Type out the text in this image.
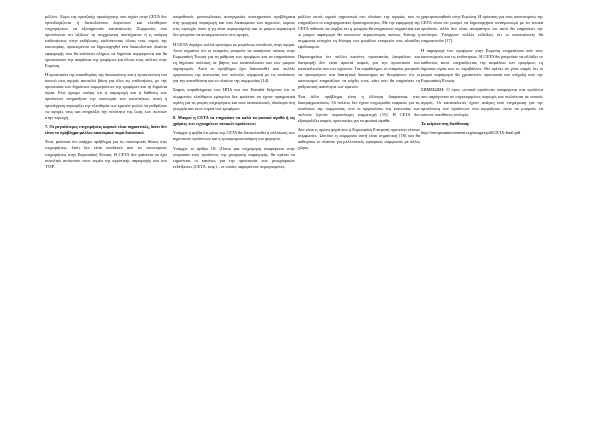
μέλλον. Λόγω της ορατζικής προσέγγισης που ισχύει στην CETA δεν προσδιορίζεται ή δευκολύνεται διερεύνων και ελεύθεριον επιχειρήσεων να εξυπηρετούν καταναλωτές. Συμφωνίες που προτείνεται ότι αξίζουν τη συγχρόνιση συστήματος ή η ανάγκη επιδοτήσεως στην εκδήλωση, καλύπτοντας όλους τους τομείς της οικονομίας, προκειμένου να δημιουργηθεί ένα δικαιοδοτικό πλαίσιο εφαρμογής που θα καλύπτει πλήρως τα δημόσια συμφέροντα και θα προστατεύει την ασφάλεια της τροφίμων για όλους τους πολίτες στην Ευρώπη.

Η προστασία της ευαισθησίας της δικαιοσύνης και η εμπιστοσύνη του κοινού στις αγορές αποτελεί βάση για όλες τις επιδοτήσεις, με την προστασία των δημόσιων συμφερόντων της τροφίμων και τη δημόσια υγεία. Ενώ έχουμε υπόψη ότι η παραγωγή και η διάθεση των προϊόντων επηρεάζουν την οικονομία των κοινοτήτων, αυτή η προσέγγιση περιορίζει την ελευθερία των κρατών μελών να ρυθμίζουν τις αγορές τους και επηρεάζει την ποιότητα της ζωής των πολιτών στην περιοχή.

7. Οι μεγαλύτερες επιχειρήσεις καρπού είναι σημαντικές, διότι δεν είναι το πρόβλημα μόλλον οικονομικό παρά δικαστικό

Έτσι, φαίνεται ότι υπάρχει πρόβλημα για τις οικονομικές θέσεις στις επιχειρήσεις, διότι δεν είναι αποδεκτό από τις οικονομικές επιχειρήσεις στην Ευρωπαϊκή Ένωση. Η CETA δεν φαίνεται να έχει συνολικό αντίκτυπο στον τομέα της αγροτικής παραγωγής και στο ΤΤΙΡ.

υπερεθνικές μονοπωλιακές συνεργασίες συστηματικά προβλήματα στη γεωργική παραγωγή και στα δικαιώματα των αγροτών, κυρίως στις περιοχές όπου η γη είναι περιορισμένη και οι μικροί παραγωγοί δεν μπορούν να ανταγωνιστούν στις αγορές.

Η CETA παρέχει πολλά προνόμια σε μεγάλους επενδυτές στην αγορά. Αυτό σημαίνει ότι οι εταιρείες μπορούν να ασκήσουν πιέσεις στην Ευρωπαϊκή Ένωση για τη ρύθμιση των τροφίμων και να επηρεάσουν τη δημόσια πολιτική σε βάρος των καταναλωτών και των μικρών παραγωγών. Αυτό το πρόβλημα έχει διατυπωθεί από πολλές οργανώσεις της κοινωνίας των πολιτών, σύμφωνα με τις αναλύσεις για την κατεύθυνση και το πλαίσιο της συμφωνίας [14].

Σαφείς παραδείγματα των ΗΠΑ και του Καναδά δείχνουν ότι οι συμφωνίες ελεύθερου εμπορίου δεν φαίνεται να έχουν πραγματικά οφέλη για τις μικρές επιχειρήσεις και τους καταναλωτές, ιδιαίτερα στη γεωργία και στον τομέα των τροφίμων.

8. Μπορεί η CETA να επηρεάσει τα καλά τα φυσικά αγαθά ή τις χρήσεις των εγγυημένων τοπικών προϊόντων;

Υπάρχει η φοβία ότι μέσω της CETA θα διευκολυνθεί η αλλοίωση των αγροτικών προϊόντων και η εμπορευματοποίηση του φαγητού.

Υπάρχει το άρθρο 18: «Όπου μια επιχείρηση αναφέρεται στην ονομασία ενός προϊόντος της γεωργικής παραγωγής, θα πρέπει να τηρούνται οι κανόνες για την προστασία των γεωγραφικών ενδείξεων» (CETA, κεφ.) – οι οποίες παραμένουν περιορισμένες.

μάλλον εκτός αγρού σημαντικά στο πλαίσιο της αγοράς, και το επηρεάζουν οι επιχειρηματικές δραστηριότητες. Με την εφαρμογή της CETA πιθανώς να συμβεί ότι η γεωργία θα επηρεαστεί σημαντικά και οι μικροί παραγωγοί θα υποστούν περισσότερες πιέσεις. Επίσης η συμφωνία ενισχύει τη δύναμη των μεγάλων εταιρειών στις αλυσίδες εφοδιασμού.

Παρατηρείται ότι πολλοί κανόνες προστασίας (ασφάλεια και διατροφή) δεν είναι αρκετά σαφείς για την προστασία των καταναλωτών και των αγροτών. Για παράδειγμα, οι εταιρείες μπορούν να προσφύγουν στα διαιτητικά δικαστήρια αν θεωρήσουν ότι οι κανονισμοί επηρεάζουν τα κέρδη τους, κάτι που θα επηρεάσει τη ρυθμιστική ικανότητα των κρατών.

Ένα άλλο πρόβλημα είναι η έλλειψη διαφάνειας στις διαπραγματεύσεις. Οι πολίτες δεν έχουν ενημερωθεί επαρκώς για τις συνέπειες της συμφωνίας, ενώ οι οργανώσεις της κοινωνίας των πολιτών ζητούν περισσότερη συμμετοχή [15]. Η CETA δεν εξασφαλίζει σαφείς προστασίες για τα φυσικά αγαθά.

Δεν είναι η πρώτη φορά που η Ευρωπαϊκή Επιτροπή προτείνει τέτοιες συμφωνίες. Ωστόσο η συμφωνία αυτή είναι σημαντική [16] και θα καθορίσει το πλαίσιο για μελλοντικές εμπορικές συμφωνίες με άλλες χώρες.

χρησιμοποιηθούν στην Ευρώπη. Η πρόταση για τους κανονισμούς της CETA είναι ότι μπορεί να δημιουργήσει ανταγωνισμό με τα τοπικά προϊόντα, αλλά δεν είναι απαραίτητο ότι αυτό θα επηρεάσει την ποιότητα. Υπάρχουν πολλές ενδείξεις ότι οι καταναλωτές θα επηρεαστούν [17].

Η παραγωγή των τροφίμων στην Ευρώπη επηρεάζεται από τους κανονισμούς και τις επιδοτήσεις. Η CETA θα μπορούσε να αλλάξει το καθεστώς αυτό, επηρεάζοντας την ασφάλεια των τροφίμων, τη δημόσια υγεία και το περιβάλλον. Θα πρέπει να γίνει σαφές ότι οι μικροί παραγωγοί θα χρειαστούν προστασία και στήριξη από την Ευρωπαϊκή Ένωση.

ΣΗΜΕΙΩΣΗ: Ο όρος «τοπικά προϊόντα» αναφέρεται στα προϊόντα που παράγονται σε συγκεκριμένες περιοχές και πωλούνται σε τοπικές αγορές. Οι καταναλωτές έχουν ανάγκη από ενημέρωση για την προέλευση των προϊόντων που αγοράζουν, ώστε να μπορούν να κάνουν υπεύθυνες επιλογές.

Το κείμενο στη διεύθυνση:

http://europeanmovement.org/images/pdf/CETA-final.pdf
